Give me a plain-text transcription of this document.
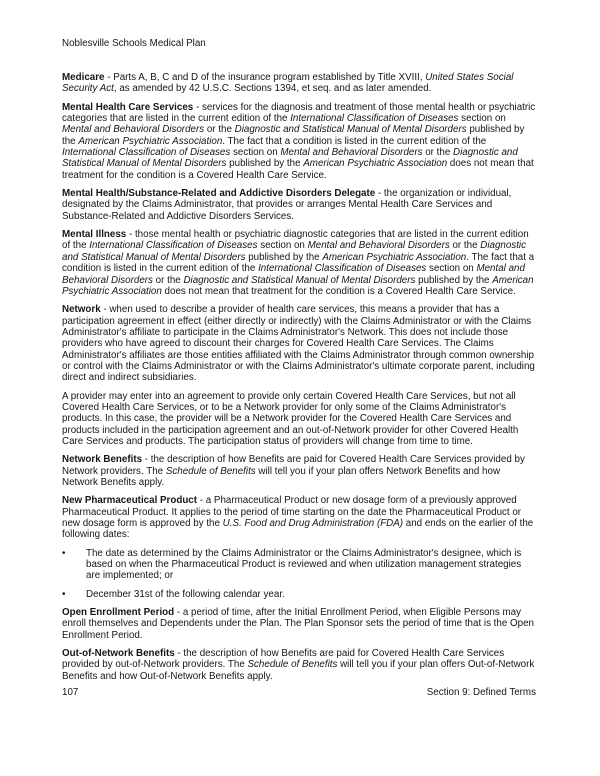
Noblesville Schools Medical Plan
Medicare - Parts A, B, C and D of the insurance program established by Title XVIII, United States Social Security Act, as amended by 42 U.S.C. Sections 1394, et seq. and as later amended.
Mental Health Care Services - services for the diagnosis and treatment of those mental health or psychiatric categories that are listed in the current edition of the International Classification of Diseases section on Mental and Behavioral Disorders or the Diagnostic and Statistical Manual of Mental Disorders published by the American Psychiatric Association. The fact that a condition is listed in the current edition of the International Classification of Diseases section on Mental and Behavioral Disorders or the Diagnostic and Statistical Manual of Mental Disorders published by the American Psychiatric Association does not mean that treatment for the condition is a Covered Health Care Service.
Mental Health/Substance-Related and Addictive Disorders Delegate - the organization or individual, designated by the Claims Administrator, that provides or arranges Mental Health Care Services and Substance-Related and Addictive Disorders Services.
Mental Illness - those mental health or psychiatric diagnostic categories that are listed in the current edition of the International Classification of Diseases section on Mental and Behavioral Disorders or the Diagnostic and Statistical Manual of Mental Disorders published by the American Psychiatric Association. The fact that a condition is listed in the current edition of the International Classification of Diseases section on Mental and Behavioral Disorders or the Diagnostic and Statistical Manual of Mental Disorders published by the American Psychiatric Association does not mean that treatment for the condition is a Covered Health Care Service.
Network - when used to describe a provider of health care services, this means a provider that has a participation agreement in effect (either directly or indirectly) with the Claims Administrator or with the Claims Administrator's affiliate to participate in the Claims Administrator's Network. This does not include those providers who have agreed to discount their charges for Covered Health Care Services. The Claims Administrator's affiliates are those entities affiliated with the Claims Administrator through common ownership or control with the Claims Administrator or with the Claims Administrator's ultimate corporate parent, including direct and indirect subsidiaries.
A provider may enter into an agreement to provide only certain Covered Health Care Services, but not all Covered Health Care Services, or to be a Network provider for only some of the Claims Administrator's products. In this case, the provider will be a Network provider for the Covered Health Care Services and products included in the participation agreement and an out-of-Network provider for other Covered Health Care Services and products. The participation status of providers will change from time to time.
Network Benefits - the description of how Benefits are paid for Covered Health Care Services provided by Network providers. The Schedule of Benefits will tell you if your plan offers Network Benefits and how Network Benefits apply.
New Pharmaceutical Product - a Pharmaceutical Product or new dosage form of a previously approved Pharmaceutical Product. It applies to the period of time starting on the date the Pharmaceutical Product or new dosage form is approved by the U.S. Food and Drug Administration (FDA) and ends on the earlier of the following dates:
•	The date as determined by the Claims Administrator or the Claims Administrator's designee, which is based on when the Pharmaceutical Product is reviewed and when utilization management strategies are implemented; or
•	December 31st of the following calendar year.
Open Enrollment Period - a period of time, after the Initial Enrollment Period, when Eligible Persons may enroll themselves and Dependents under the Plan. The Plan Sponsor sets the period of time that is the Open Enrollment Period.
Out-of-Network Benefits - the description of how Benefits are paid for Covered Health Care Services provided by out-of-Network providers. The Schedule of Benefits will tell you if your plan offers Out-of-Network Benefits and how Out-of-Network Benefits apply.
107	Section 9: Defined Terms
